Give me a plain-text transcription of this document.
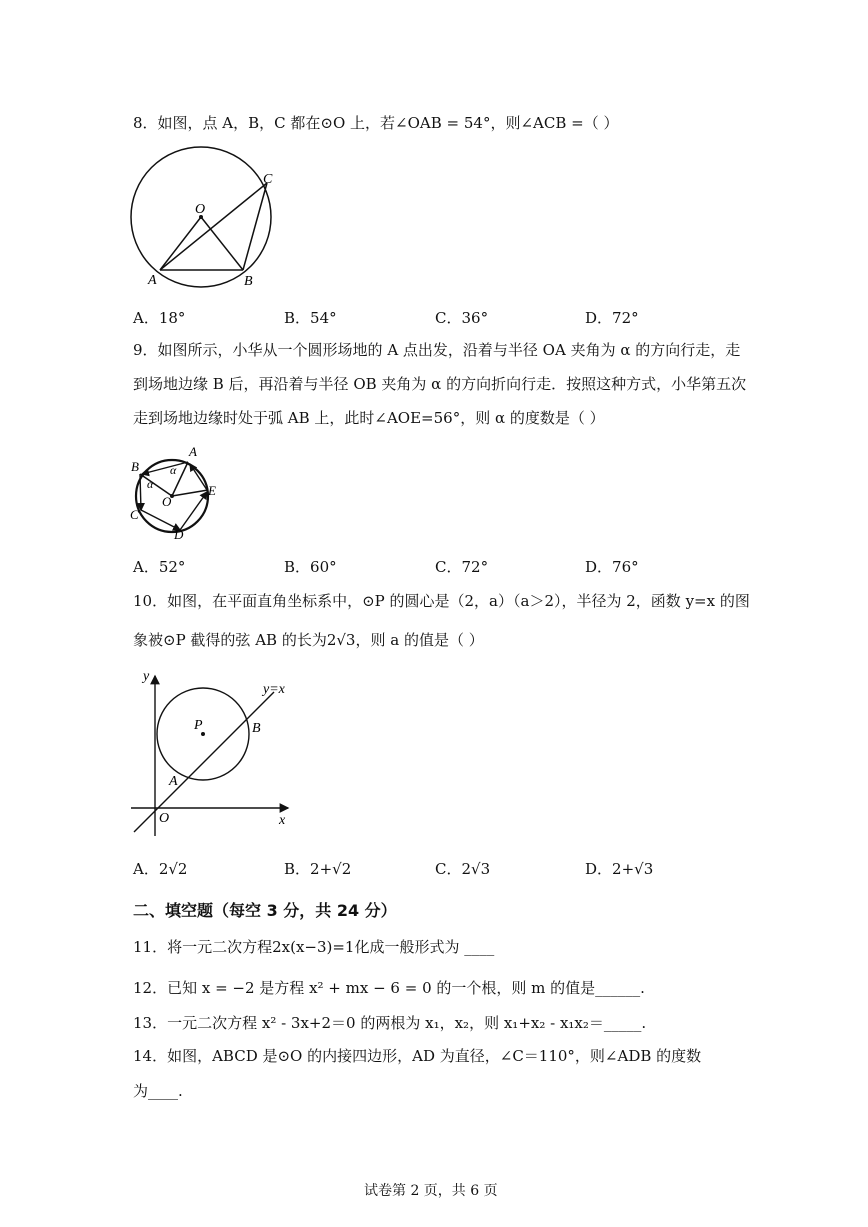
8．如图，点 A，B，C 都在⊙O 上，若∠OAB = 54°，则∠ACB =（ ）
O
A	B
C
A．18°	B．54°	C．36°	D．72°
9．如图所示，小华从一个圆形场地的 A 点出发，沿着与半径 OA 夹角为 α 的方向行走，走
到场地边缘 B 后，再沿着与半径 OB 夹角为 α 的方向折向行走．按照这种方式，小华第五次
走到场地边缘时处于弧 AB 上，此时∠AOE=56°，则 α 的度数是（ ）
A
B
C
D
E
O
α
α
A．52°	B．60°	C．72°	D．76°
10．如图，在平面直角坐标系中，⊙P 的圆心是（2，a）（a＞2），半径为 2，函数 y=x 的图
象被⊙P 截得的弦 AB 的长为2√3，则 a 的值是（ ）
y
x
O
P
A
B
y=x
A．2√2	B．2+√2	C．2√3	D．2+√3
二、填空题（每空 3 分，共 24 分）
11．将一元二次方程2x(x−3)=1化成一般形式为 ____
12．已知 x = −2 是方程 x² + mx − 6 = 0 的一个根，则 m 的值是______.
13．一元二次方程 x² - 3x+2＝0 的两根为 x₁，x₂，则 x₁+x₂ - x₁x₂＝_____.
14．如图，ABCD 是⊙O 的内接四边形，AD 为直径，∠C＝110°，则∠ADB 的度数
为____.
试卷第 2 页，共 6 页
